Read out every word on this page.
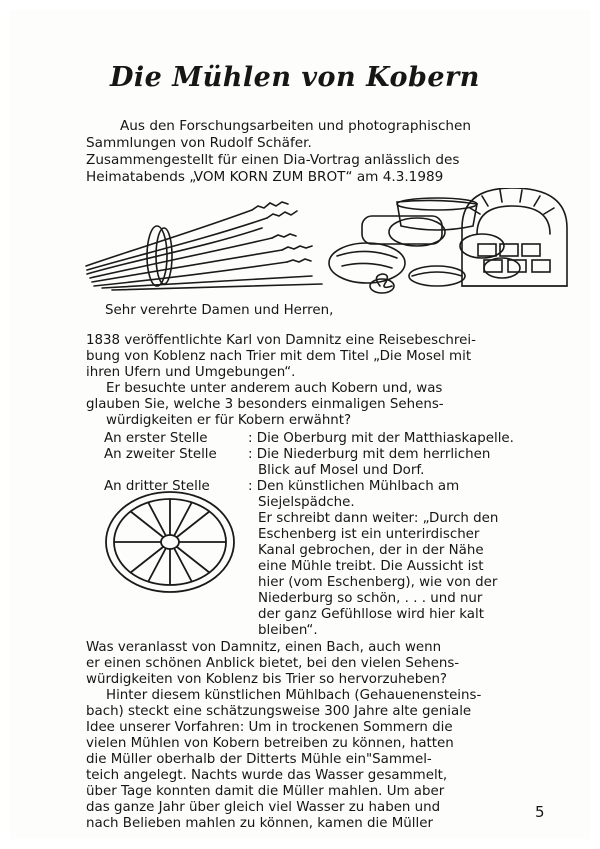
Die Mühlen von Kobern
Aus den Forschungsarbeiten und photographischen
Sammlungen von Rudolf Schäfer.
Zusammengestellt für einen Dia-Vortrag anlässlich des
Heimatabends „VOM KORN ZUM BROT“ am 4.3.1989
Sehr verehrte Damen und Herren,
1838 veröffentlichte Karl von Damnitz eine Reisebeschrei-
bung von Koblenz nach Trier mit dem Titel „Die Mosel mit
ihren Ufern und Umgebungen“.
Er besuchte unter anderem auch Kobern und, was
glauben Sie, welche 3 besonders einmaligen Sehens-
würdigkeiten er für Kobern erwähnt?
An erster Stelle	: Die Oberburg mit der Matthiaskapelle.
An zweiter Stelle : Die Niederburg mit dem herrlichen
Blick auf Mosel und Dorf.
An dritter Stelle	: Den künstlichen Mühlbach am
Siejelspädche.
Er schreibt dann weiter: „Durch den
Eschenberg ist ein unterirdischer
Kanal gebrochen, der in der Nähe
eine Mühle treibt. Die Aussicht ist
hier (vom Eschenberg), wie von der
Niederburg so schön, . . . und nur
der ganz Gefühllose wird hier kalt
bleiben“.
Was veranlasst von Damnitz, einen Bach, auch wenn
er einen schönen Anblick bietet, bei den vielen Sehens-
würdigkeiten von Koblenz bis Trier so hervorzuheben?
Hinter diesem künstlichen Mühlbach (Gehauenensteins-
bach) steckt eine schätzungsweise 300 Jahre alte geniale
Idee unserer Vorfahren: Um in trockenen Sommern die
vielen Mühlen von Kobern betreiben zu können, hatten
die Müller oberhalb der Ditterts Mühle ein"Sammel-
teich angelegt. Nachts wurde das Wasser gesammelt,
über Tage konnten damit die Müller mahlen. Um aber
das ganze Jahr über gleich viel Wasser zu haben und
nach Belieben mahlen zu können, kamen die Müller
5
